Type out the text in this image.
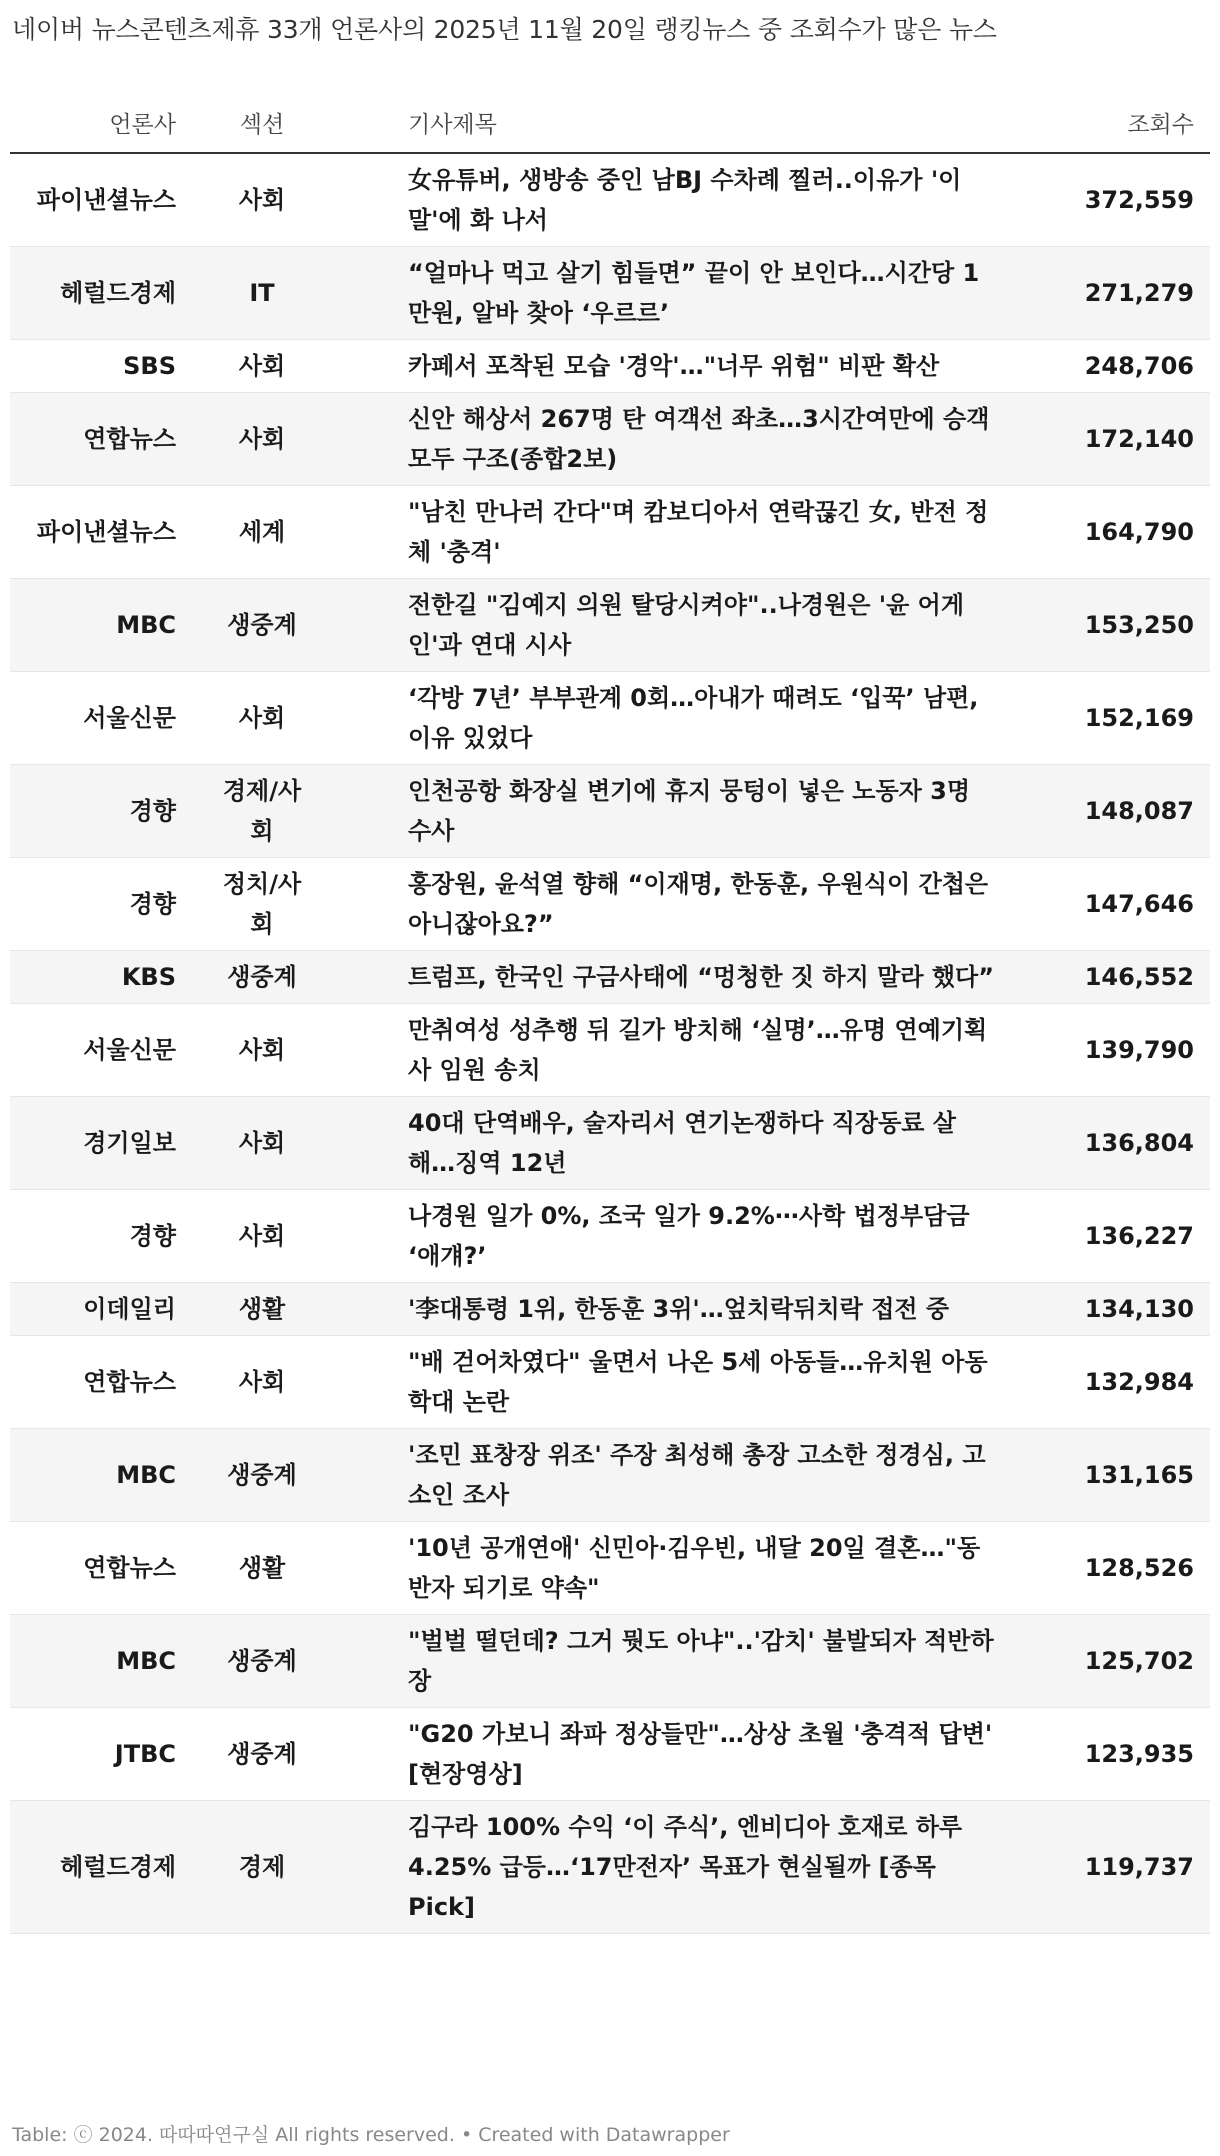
네이버 뉴스콘텐츠제휴 33개 언론사의 2025년 11월 20일 랭킹뉴스 중 조회수가 많은 뉴스
언론사	섹션	기사제목	조회수
파이낸셜뉴스	사회	女유튜버, 생방송 중인 남BJ 수차례 찔러..이유가 '이 말'에 화 나서	372,559
헤럴드경제	IT	“얼마나 먹고 살기 힘들면” 끝이 안 보인다…시간당 1만원, 알바 찾아 ‘우르르’	271,279
SBS	사회	카페서 포착된 모습 '경악'…"너무 위험" 비판 확산	248,706
연합뉴스	사회	신안 해상서 267명 탄 여객선 좌초…3시간여만에 승객 모두 구조(종합2보)	172,140
파이낸셜뉴스	세계	"남친 만나러 간다"며 캄보디아서 연락끊긴 女, 반전 정체 '충격'	164,790
MBC	생중계	전한길 "김예지 의원 탈당시켜야"..나경원은 '윤 어게인'과 연대 시사	153,250
서울신문	사회	‘각방 7년’ 부부관계 0회…아내가 때려도 ‘입꾹’ 남편, 이유 있었다	152,169
경향	경제/사회	인천공항 화장실 변기에 휴지 뭉텅이 넣은 노동자 3명 수사	148,087
경향	정치/사회	홍장원, 윤석열 향해 “이재명, 한동훈, 우원식이 간첩은 아니잖아요?”	147,646
KBS	생중계	트럼프, 한국인 구금사태에 “멍청한 짓 하지 말라 했다”	146,552
서울신문	사회	만취여성 성추행 뒤 길가 방치해 ‘실명’…유명 연예기획사 임원 송치	139,790
경기일보	사회	40대 단역배우, 술자리서 연기논쟁하다 직장동료 살해…징역 12년	136,804
경향	사회	나경원 일가 0%, 조국 일가 9.2%⋯사학 법정부담금 ‘애걔?’	136,227
이데일리	생활	'李대통령 1위, 한동훈 3위'…엎치락뒤치락 접전 중	134,130
연합뉴스	사회	"배 걷어차였다" 울면서 나온 5세 아동들…유치원 아동학대 논란	132,984
MBC	생중계	'조민 표창장 위조' 주장 최성해 총장 고소한 정경심, 고소인 조사	131,165
연합뉴스	생활	'10년 공개연애' 신민아·김우빈, 내달 20일 결혼…"동반자 되기로 약속"	128,526
MBC	생중계	"벌벌 떨던데? 그거 뭣도 아냐"..'감치' 불발되자 적반하장	125,702
JTBC	생중계	"G20 가보니 좌파 정상들만"…상상 초월 '충격적 답변' [현장영상]	123,935
헤럴드경제	경제	김구라 100% 수익 ‘이 주식’, 엔비디아 호재로 하루 4.25% 급등…‘17만전자’ 목표가 현실될까 [종목Pick]	119,737
Table: ⓒ 2024. 따따따연구실 All rights reserved. • Created with Datawrapper
